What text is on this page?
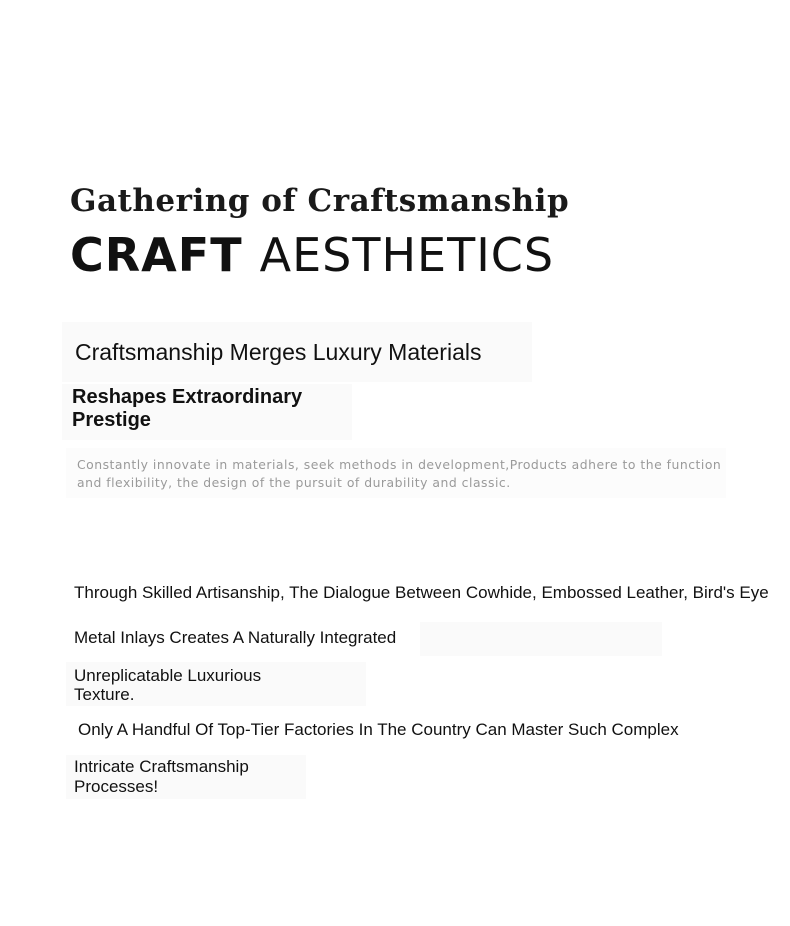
Gathering of Craftsmanship
CRAFT AESTHETICS
Craftsmanship Merges Luxury Materials
Reshapes Extraordinary Prestige

Constantly innovate in materials, seek methods in development,Products adhere to the function and flexibility, the design of the pursuit of durability and classic.

Through Skilled Artisanship, The Dialogue Between Cowhide, Embossed Leather, Bird's Eye

Metal Inlays Creates A Naturally Integrated

Unreplicatable Luxurious Texture.

Only A Handful Of Top-Tier Factories In The Country Can Master Such Complex

Intricate Craftsmanship Processes!
